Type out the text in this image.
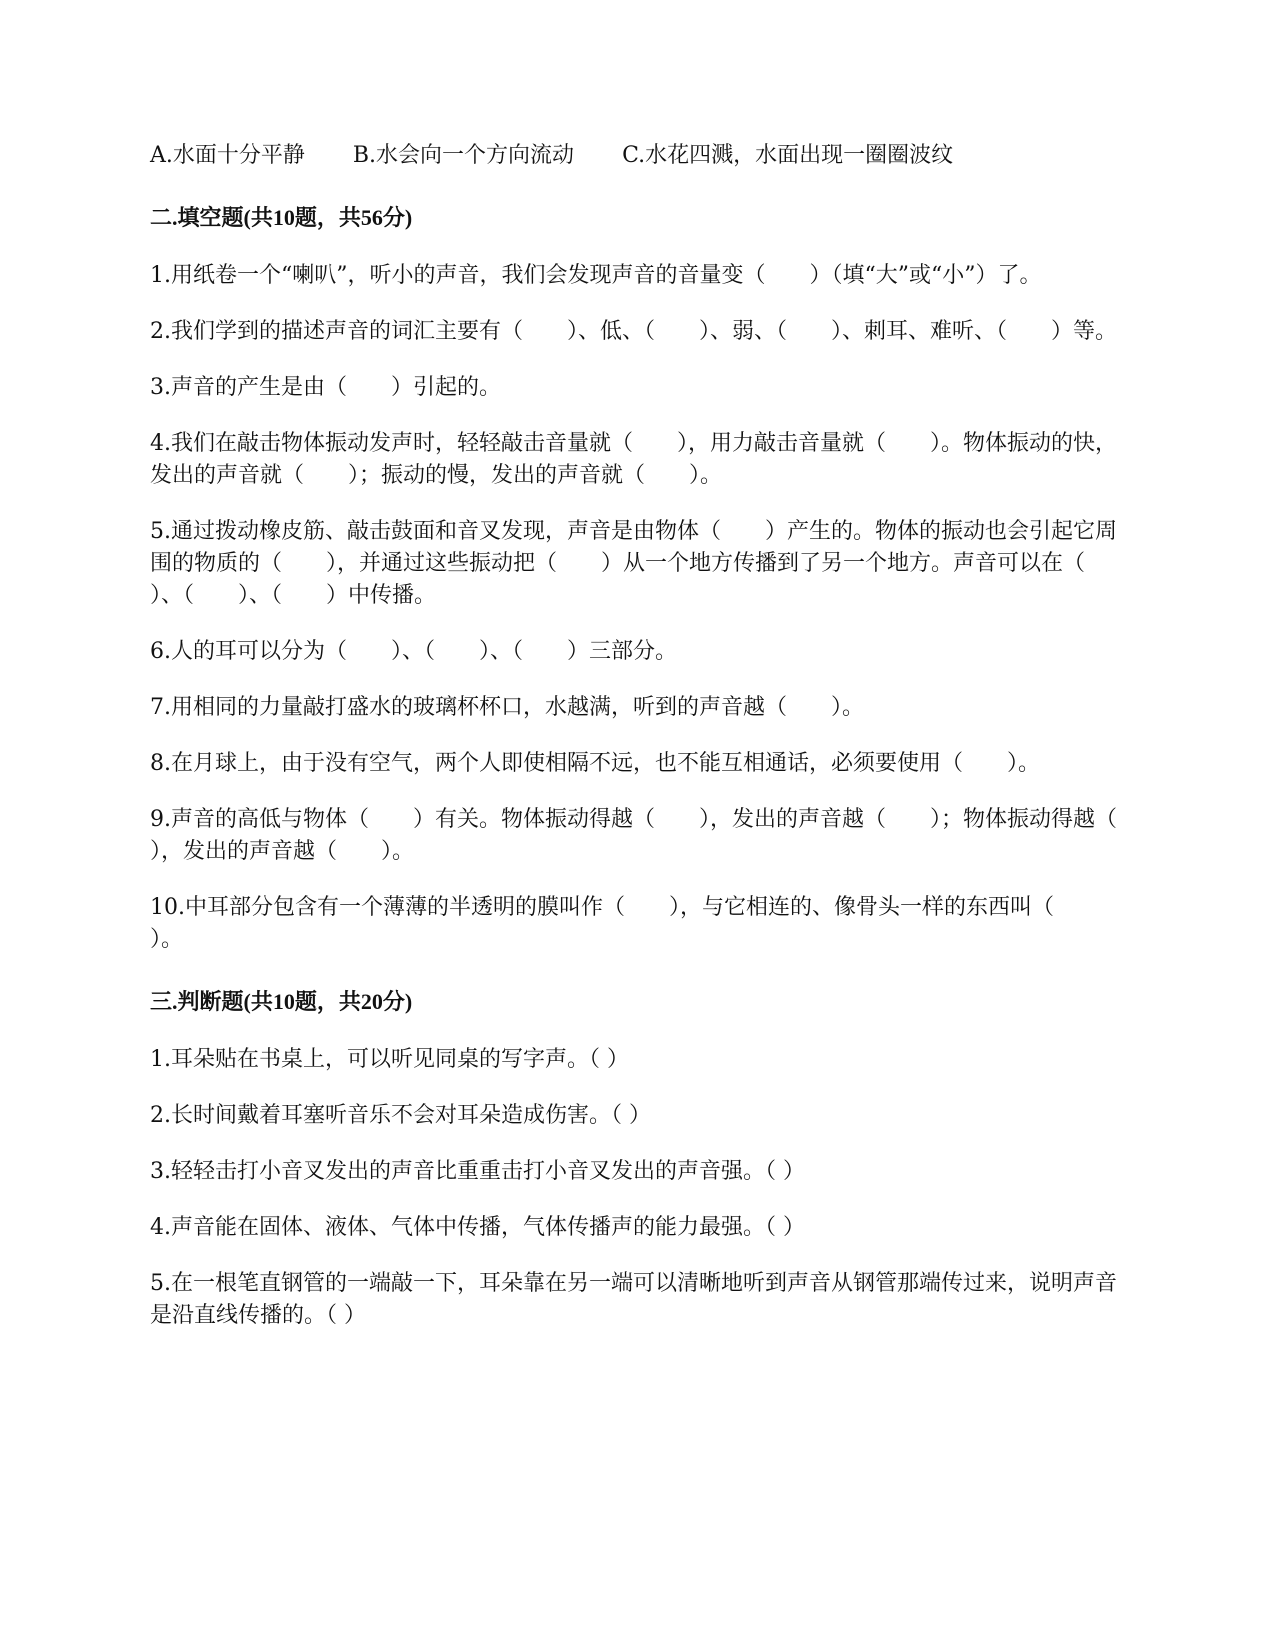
A.水面十分平静 B.水会向一个方向流动 C.水花四溅，水面出现一圈圈波纹
二.填空题(共10题，共56分)
1.用纸卷一个“喇叭”，听小的声音，我们会发现声音的音量变（　　）（填“大”或“小”）了。
2.我们学到的描述声音的词汇主要有（　　）、低、（　　）、弱、（　　）、刺耳、难听、（　　）等。
3.声音的产生是由（　　）引起的。
4.我们在敲击物体振动发声时，轻轻敲击音量就（　　），用力敲击音量就（　　）。物体振动的快，发出的声音就（　　）；振动的慢，发出的声音就（　　）。
5.通过拨动橡皮筋、敲击鼓面和音叉发现，声音是由物体（　　）产生的。物体的振动也会引起它周围的物质的（　　），并通过这些振动把（　　）从一个地方传播到了另一个地方。声音可以在（　　）、（　　）、（　　）中传播。
6.人的耳可以分为（　　）、（　　）、（　　）三部分。
7.用相同的力量敲打盛水的玻璃杯杯口，水越满，听到的声音越（　　）。
8.在月球上，由于没有空气，两个人即使相隔不远，也不能互相通话，必须要使用（　　）。
9.声音的高低与物体（　　）有关。物体振动得越（　　），发出的声音越（　　）；物体振动得越（　　），发出的声音越（　　）。
10.中耳部分包含有一个薄薄的半透明的膜叫作（　　），与它相连的、像骨头一样的东西叫（　　）。
三.判断题(共10题，共20分)
1.耳朵贴在书桌上，可以听见同桌的写字声。（ ）
2.长时间戴着耳塞听音乐不会对耳朵造成伤害。（ ）
3.轻轻击打小音叉发出的声音比重重击打小音叉发出的声音强。（ ）
4.声音能在固体、液体、气体中传播，气体传播声的能力最强。（ ）
5.在一根笔直钢管的一端敲一下，耳朵靠在另一端可以清晰地听到声音从钢管那端传过来，说明声音是沿直线传播的。（ ）
